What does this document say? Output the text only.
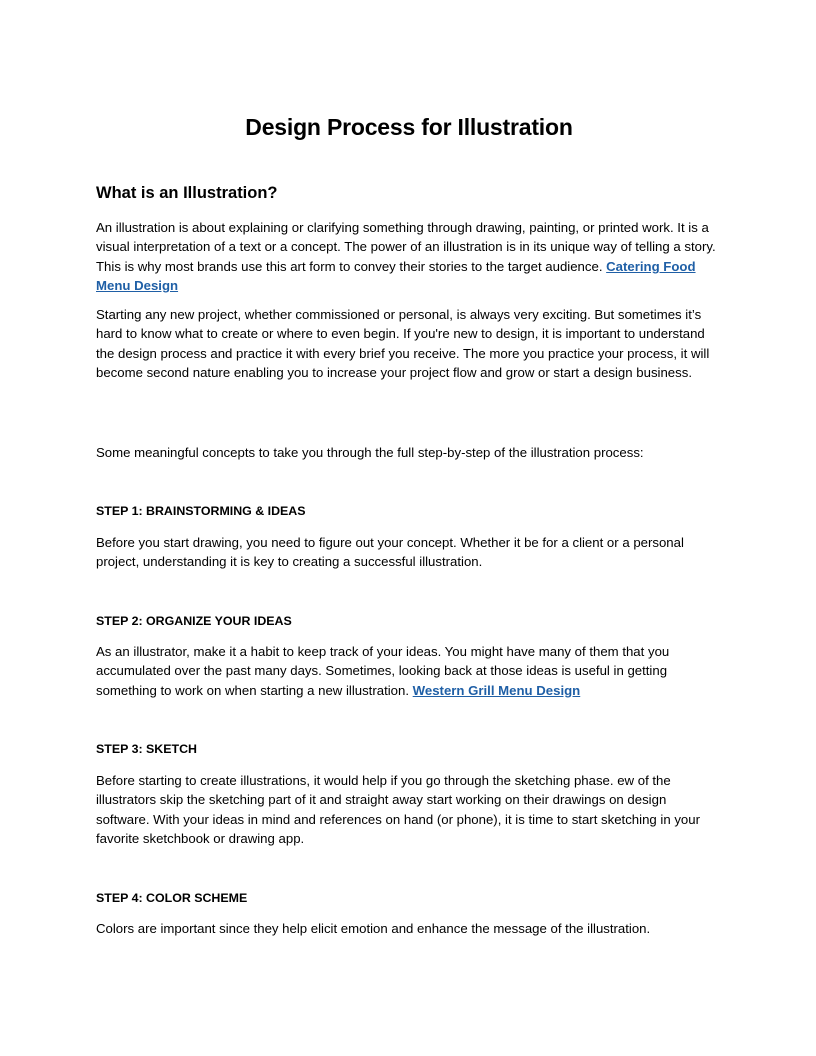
Design Process for Illustration
What is an Illustration?

An illustration is about explaining or clarifying something through drawing, painting, or printed work. It is a visual interpretation of a text or a concept. The power of an illustration is in its unique way of telling a story. This is why most brands use this art form to convey their stories to the target audience. Catering Food Menu Design

Starting any new project, whether commissioned or personal, is always very exciting. But sometimes it’s hard to know what to create or where to even begin. If you're new to design, it is important to understand the design process and practice it with every brief you receive. The more you practice your process, it will become second nature enabling you to increase your project flow and grow or start a design business.

Some meaningful concepts to take you through the full step-by-step of the illustration process:

STEP 1: BRAINSTORMING & IDEAS

Before you start drawing, you need to figure out your concept. Whether it be for a client or a personal project, understanding it is key to creating a successful illustration.

STEP 2: ORGANIZE YOUR IDEAS

As an illustrator, make it a habit to keep track of your ideas. You might have many of them that you accumulated over the past many days. Sometimes, looking back at those ideas is useful in getting something to work on when starting a new illustration. Western Grill Menu Design

STEP 3: SKETCH

Before starting to create illustrations, it would help if you go through the sketching phase. ew of the illustrators skip the sketching part of it and straight away start working on their drawings on design software. With your ideas in mind and references on hand (or phone), it is time to start sketching in your favorite sketchbook or drawing app.

STEP 4: COLOR SCHEME

Colors are important since they help elicit emotion and enhance the message of the illustration.
